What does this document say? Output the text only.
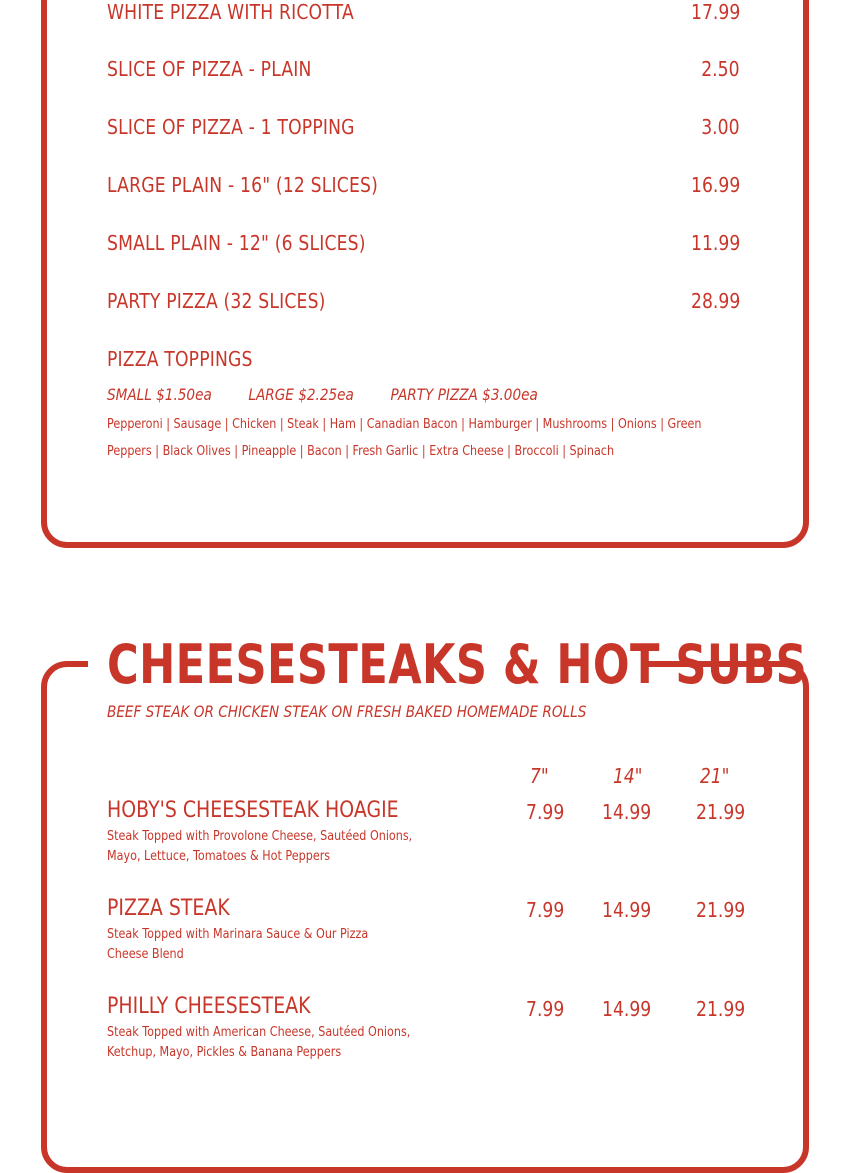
WHITE PIZZA WITH RICOTTA	17.99
SLICE OF PIZZA - PLAIN	2.50
SLICE OF PIZZA - 1 TOPPING	3.00
LARGE PLAIN - 16" (12 SLICES)	16.99
SMALL PLAIN - 12" (6 SLICES)	11.99
PARTY PIZZA (32 SLICES)	28.99
PIZZA TOPPINGS
SMALL $1.50ea LARGE $2.25ea PARTY PIZZA $3.00ea
Pepperoni | Sausage | Chicken | Steak | Ham | Canadian Bacon | Hamburger | Mushrooms | Onions | Green Peppers | Black Olives | Pineapple | Bacon | Fresh Garlic | Extra Cheese | Broccoli | Spinach
CHEESESTEAKS & HOT SUBS
BEEF STEAK OR CHICKEN STEAK ON FRESH BAKED HOMEMADE ROLLS
7"	14"	21"
HOBY'S CHEESESTEAK HOAGIE
Steak Topped with Provolone Cheese, Sautéed Onions, Mayo, Lettuce, Tomatoes & Hot Peppers
7.99 14.99 21.99
PIZZA STEAK
Steak Topped with Marinara Sauce & Our Pizza Cheese Blend
7.99 14.99 21.99
PHILLY CHEESESTEAK
Steak Topped with American Cheese, Sautéed Onions, Ketchup, Mayo, Pickles & Banana Peppers
7.99 14.99 21.99
